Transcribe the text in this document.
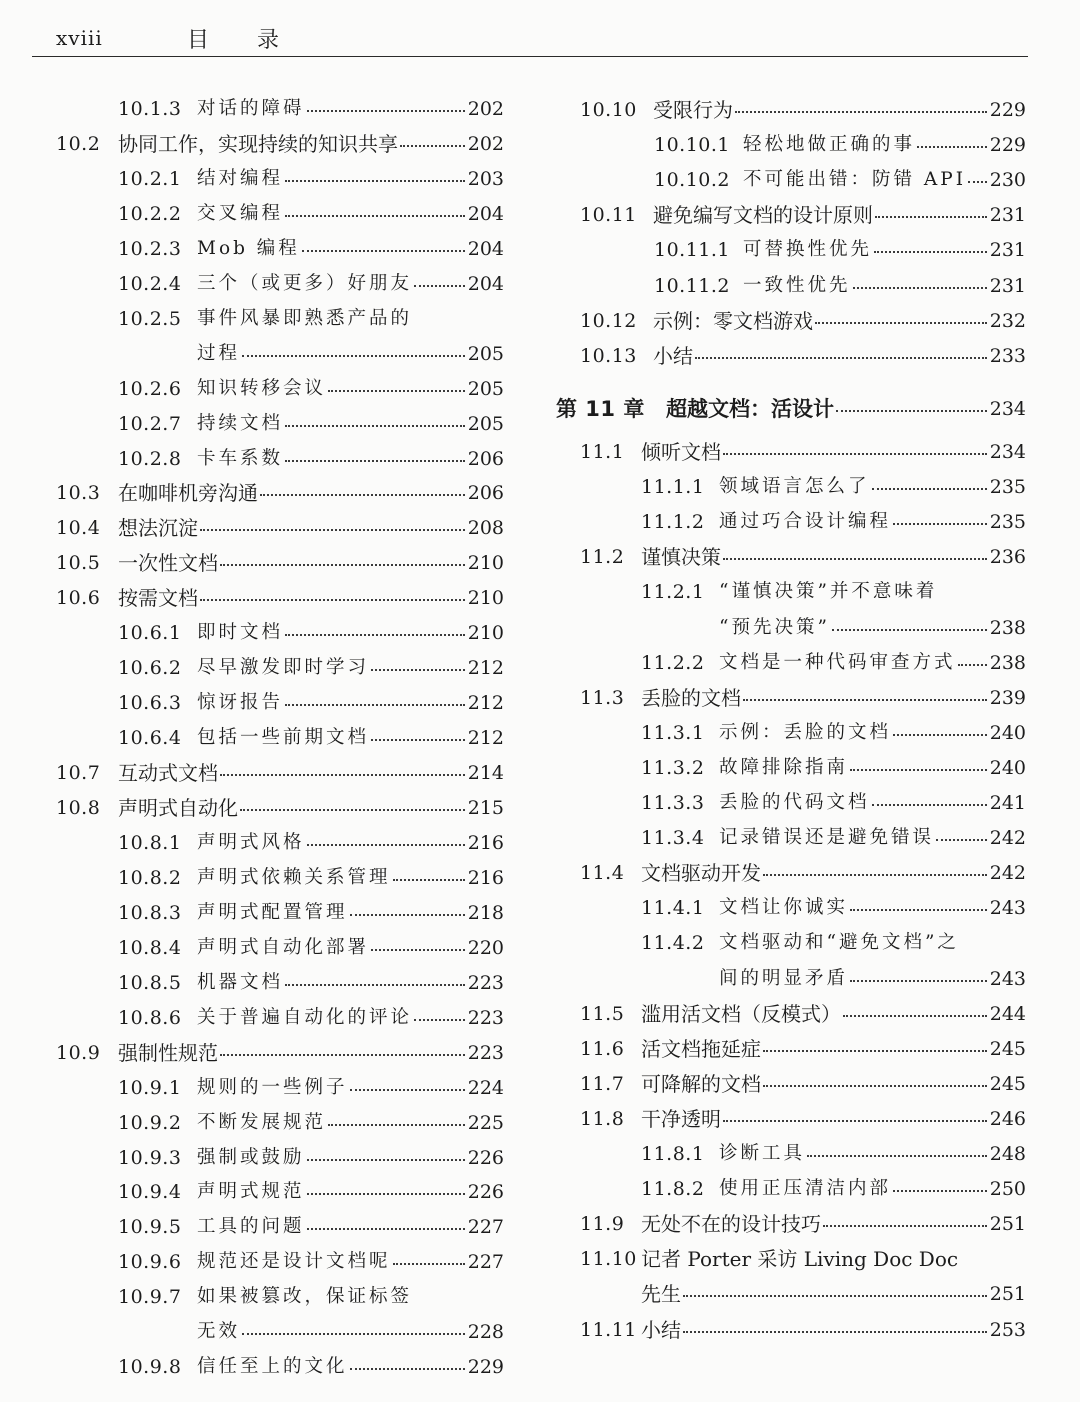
xviii	目录
10.1.3 对话的障碍	202
10.2 协同工作，实现持续的知识共享	202
10.2.1 结对编程	203
10.2.2 交叉编程	204
10.2.3 Mob 编程	204
10.2.4 三个（或更多）好朋友	204
10.2.5 事件风暴即熟悉产品的
过程	205
10.2.6 知识转移会议	205
10.2.7 持续文档	205
10.2.8 卡车系数	206
10.3 在咖啡机旁沟通	206
10.4 想法沉淀	208
10.5 一次性文档	210
10.6 按需文档	210
10.6.1 即时文档	210
10.6.2 尽早激发即时学习	212
10.6.3 惊讶报告	212
10.6.4 包括一些前期文档	212
10.7 互动式文档	214
10.8 声明式自动化	215
10.8.1 声明式风格	216
10.8.2 声明式依赖关系管理	216
10.8.3 声明式配置管理	218
10.8.4 声明式自动化部署	220
10.8.5 机器文档	223
10.8.6 关于普遍自动化的评论	223
10.9 强制性规范	223
10.9.1 规则的一些例子	224
10.9.2 不断发展规范	225
10.9.3 强制或鼓励	226
10.9.4 声明式规范	226
10.9.5 工具的问题	227
10.9.6 规范还是设计文档呢	227
10.9.7 如果被篡改，保证标签
无效	228
10.9.8 信任至上的文化	229
10.10 受限行为	229
10.10.1 轻松地做正确的事	229
10.10.2 不可能出错：防错 API 230
10.11 避免编写文档的设计原则	231
10.11.1 可替换性优先	231
10.11.2 一致性优先	231
10.12 示例：零文档游戏	232
10.13 小结	233
第 11 章 超越文档：活设计	234
11.1 倾听文档	234
11.1.1 领域语言怎么了	235
11.1.2 通过巧合设计编程	235
11.2 谨慎决策	236
11.2.1 “谨慎决策”并不意味着
“预先决策”	238
11.2.2 文档是一种代码审查方式 238
11.3 丢脸的文档	239
11.3.1 示例：丢脸的文档	240
11.3.2 故障排除指南	240
11.3.3 丢脸的代码文档	241
11.3.4 记录错误还是避免错误	242
11.4 文档驱动开发	242
11.4.1 文档让你诚实	243
11.4.2 文档驱动和“避免文档”之
间的明显矛盾	243
11.5 滥用活文档（反模式）	244
11.6 活文档拖延症	245
11.7 可降解的文档	245
11.8 干净透明	246
11.8.1 诊断工具	248
11.8.2 使用正压清洁内部	250
11.9 无处不在的设计技巧	251
11.10 记者 Porter 采访 Living Doc Doc
先生	251
11.11 小结	253
